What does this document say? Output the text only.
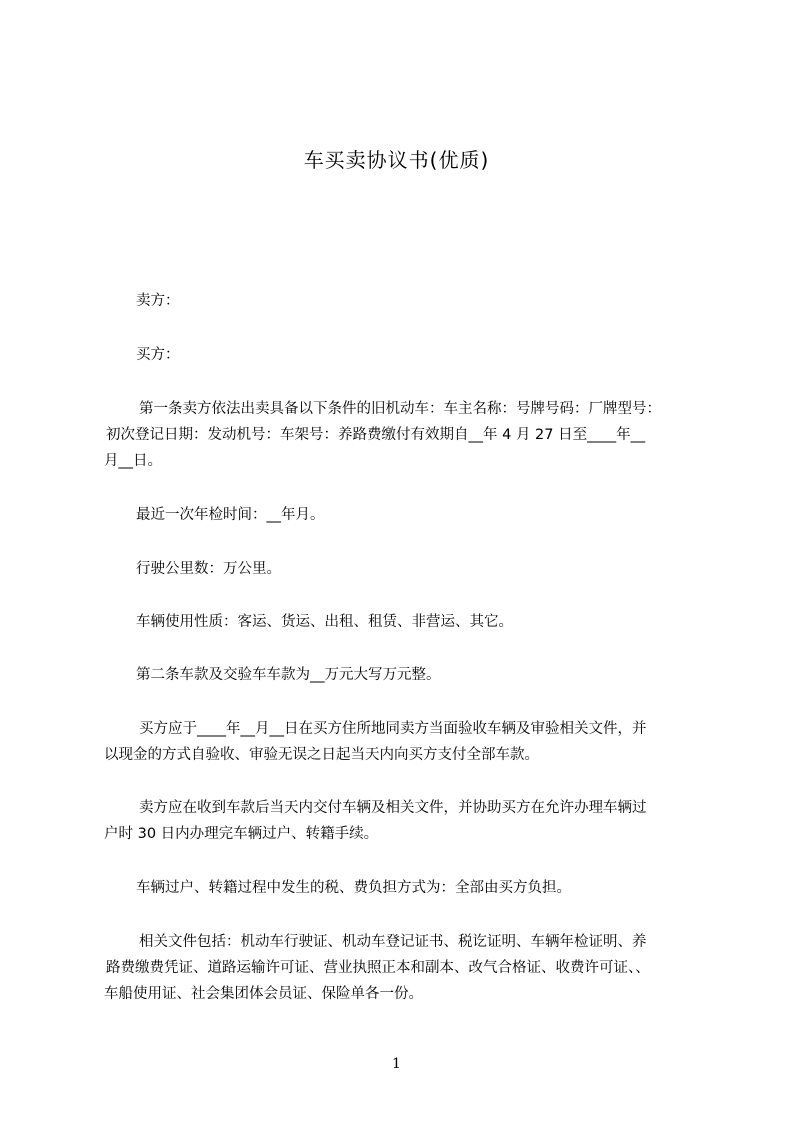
车买卖协议书(优质)
卖方：
买方：
第一条卖方依法出卖具备以下条件的旧机动车：车主名称：号牌号码：厂牌型号：
初次登记日期：发动机号：车架号：养路费缴付有效期自__年 4 月 27 日至____年__
月__日。
最近一次年检时间：__年月。
行驶公里数：万公里。
车辆使用性质：客运、货运、出租、租赁、非营运、其它。
第二条车款及交验车车款为__万元大写万元整。
买方应于____年__月__日在买方住所地同卖方当面验收车辆及审验相关文件，并
以现金的方式自验收、审验无误之日起当天内向买方支付全部车款。
卖方应在收到车款后当天内交付车辆及相关文件，并协助买方在允许办理车辆过
户时 30 日内办理完车辆过户、转籍手续。
车辆过户、转籍过程中发生的税、费负担方式为：全部由买方负担。
相关文件包括：机动车行驶证、机动车登记证书、税讫证明、车辆年检证明、养
路费缴费凭证、道路运输许可证、营业执照正本和副本、改气合格证、收费许可证、、
车船使用证、社会集团体会员证、保险单各一份。
1
